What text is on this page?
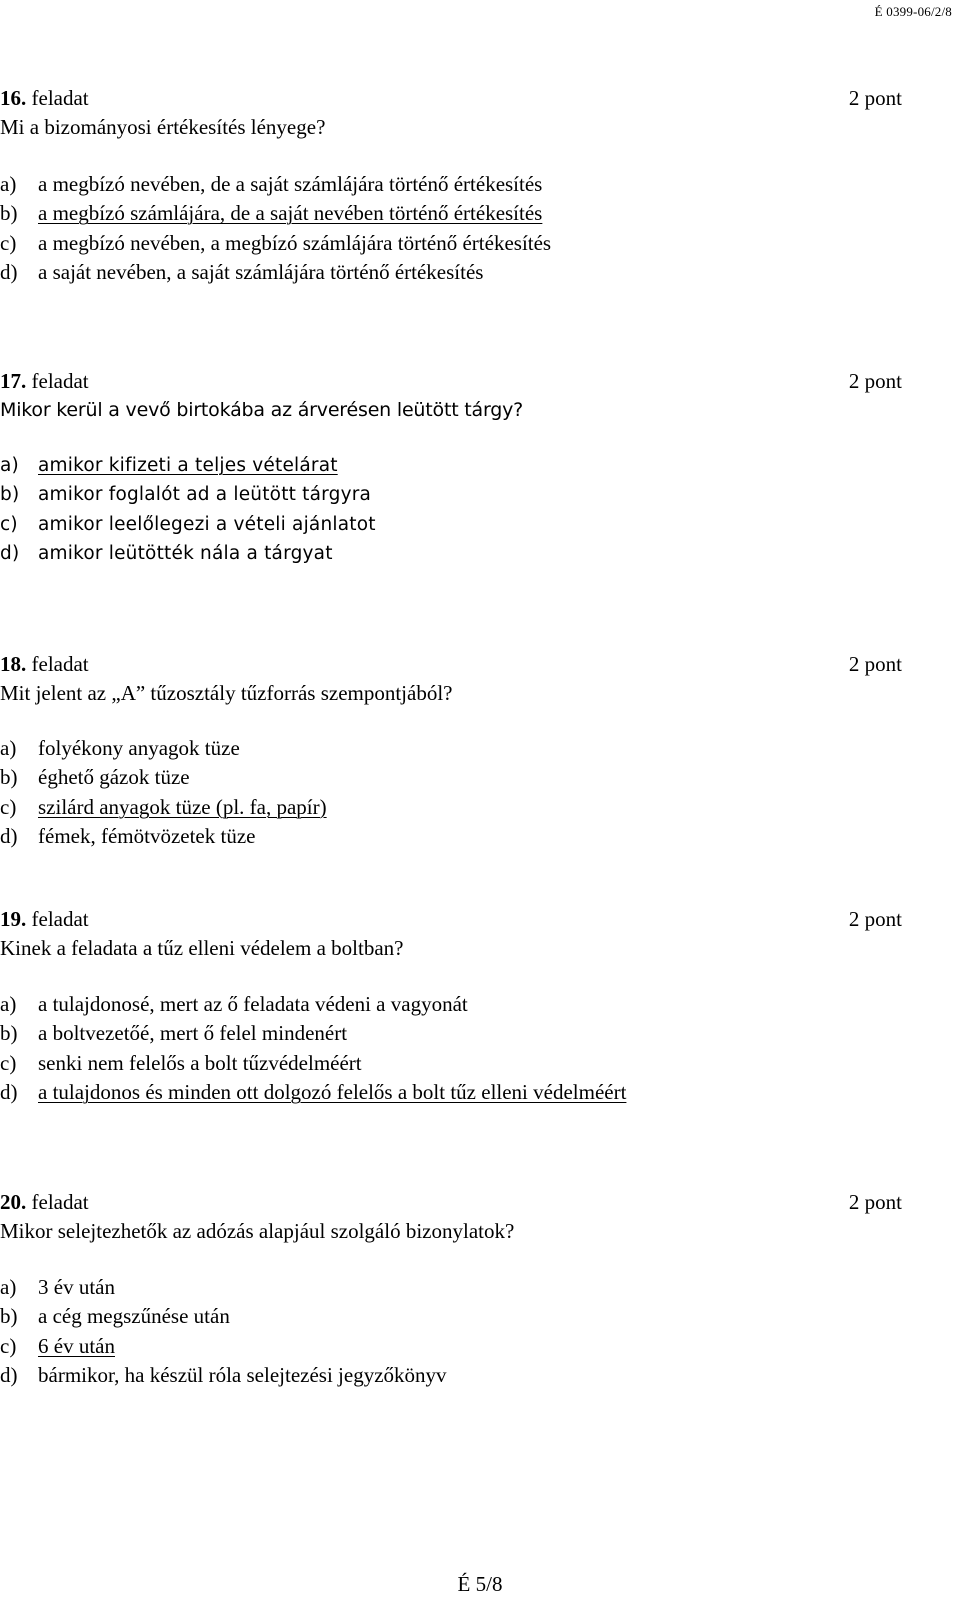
É 0399-06/2/8
16. feladat	2 pont
Mi a bizományosi értékesítés lényege?
a) a megbízó nevében, de a saját számlájára történő értékesítés
b) a megbízó számlájára, de a saját nevében történő értékesítés
c) a megbízó nevében, a megbízó számlájára történő értékesítés
d) a saját nevében, a saját számlájára történő értékesítés
17. feladat	2 pont
Mikor kerül a vevő birtokába az árverésen leütött tárgy?
a) amikor kifizeti a teljes vételárat
b) amikor foglalót ad a leütött tárgyra
c) amikor leelőlegezi a vételi ajánlatot
d) amikor leütötték nála a tárgyat
18. feladat	2 pont
Mit jelent az „A” tűzosztály tűzforrás szempontjából?
a) folyékony anyagok tüze
b) éghető gázok tüze
c) szilárd anyagok tüze (pl. fa, papír)
d) fémek, fémötvözetek tüze
19. feladat	2 pont
Kinek a feladata a tűz elleni védelem a boltban?
a) a tulajdonosé, mert az ő feladata védeni a vagyonát
b) a boltvezetőé, mert ő felel mindenért
c) senki nem felelős a bolt tűzvédelméért
d) a tulajdonos és minden ott dolgozó felelős a bolt tűz elleni védelméért
20. feladat	2 pont
Mikor selejtezhetők az adózás alapjául szolgáló bizonylatok?
a) 3 év után
b) a cég megszűnése után
c) 6 év után
d) bármikor, ha készül róla selejtezési jegyzőkönyv
É 5/8
